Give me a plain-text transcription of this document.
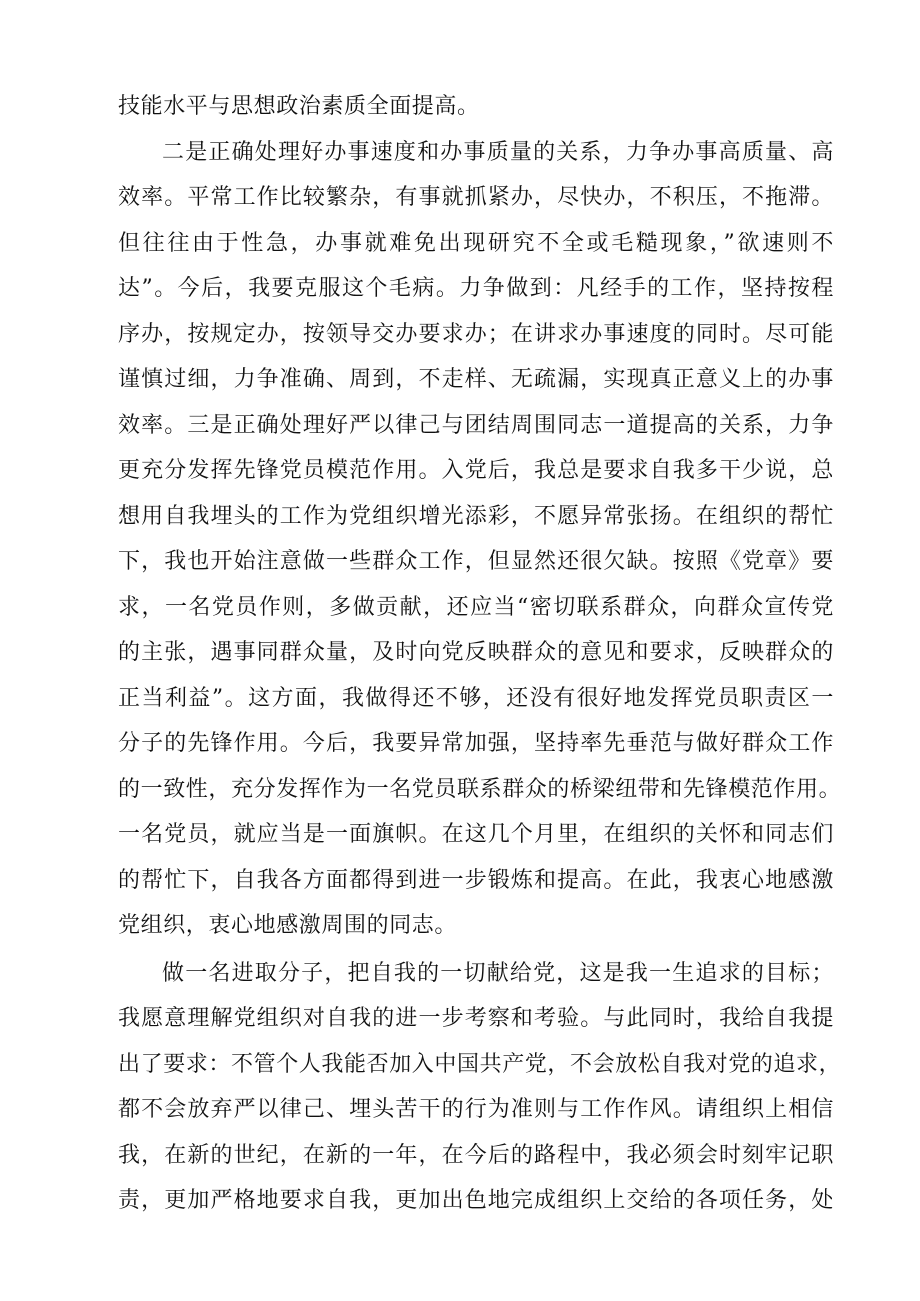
技能水平与思想政治素质全面提高。
二是正确处理好办事速度和办事质量的关系，力争办事高质量、高
效率。平常工作比较繁杂，有事就抓紧办，尽快办，不积压，不拖滞。
但往往由于性急，办事就难免出现研究不全或毛糙现象，”欲速则不
达”。今后，我要克服这个毛病。力争做到：凡经手的工作，坚持按程
序办，按规定办，按领导交办要求办；在讲求办事速度的同时。尽可能
谨慎过细，力争准确、周到，不走样、无疏漏，实现真正意义上的办事
效率。三是正确处理好严以律己与团结周围同志一道提高的关系，力争
更充分发挥先锋党员模范作用。入党后，我总是要求自我多干少说，总
想用自我埋头的工作为党组织增光添彩，不愿异常张扬。在组织的帮忙
下，我也开始注意做一些群众工作，但显然还很欠缺。按照《党章》要
求，一名党员作则，多做贡献，还应当“密切联系群众，向群众宣传党
的主张，遇事同群众量，及时向党反映群众的意见和要求，反映群众的
正当利益”。这方面，我做得还不够，还没有很好地发挥党员职责区一
分子的先锋作用。今后，我要异常加强，坚持率先垂范与做好群众工作
的一致性，充分发挥作为一名党员联系群众的桥梁纽带和先锋模范作用。
一名党员，就应当是一面旗帜。在这几个月里，在组织的关怀和同志们
的帮忙下，自我各方面都得到进一步锻炼和提高。在此，我衷心地感激
党组织，衷心地感激周围的同志。
做一名进取分子，把自我的一切献给党，这是我一生追求的目标；
我愿意理解党组织对自我的进一步考察和考验。与此同时，我给自我提
出了要求：不管个人我能否加入中国共产党，不会放松自我对党的追求，
都不会放弃严以律己、埋头苦干的行为准则与工作作风。请组织上相信
我，在新的世纪，在新的一年，在今后的路程中，我必须会时刻牢记职
责，更加严格地要求自我，更加出色地完成组织上交给的各项任务，处
